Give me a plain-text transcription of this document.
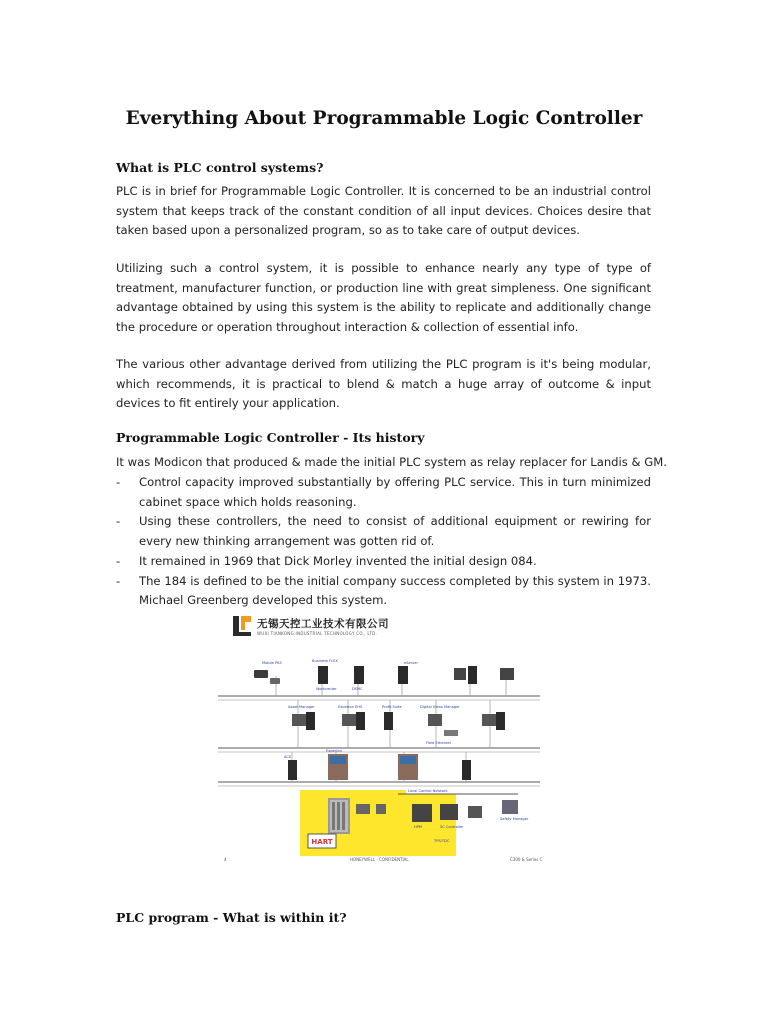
Everything About Programmable Logic Controller
What is PLC control systems?

PLC is in brief for Programmable Logic Controller. It is concerned to be an industrial control system that keeps track of the constant condition of all input devices. Choices desire that taken based upon a personalized program, so as to take care of output devices.

Utilizing such a control system, it is possible to enhance nearly any type of type of treatment, manufacturer function, or production line with great simpleness. One significant advantage obtained by using this system is the ability to replicate and additionally change the procedure or operation throughout interaction & collection of essential info.

The various other advantage derived from utilizing the PLC program is it's being modular, which recommends, it is practical to blend & match a huge array of outcome & input devices to fit entirely your application.

Programmable Logic Controller - Its history
It was Modicon that produced & made the initial PLC system as relay replacer for Landis & GM.
- Control capacity improved substantially by offering PLC service. This in turn minimized cabinet space which holds reasoning.
- Using these controllers, the need to consist of additional equipment or rewiring for every new thinking arrangement was gotten rid of.
- It remained in 1969 that Dick Morley invented the initial design 084.
- The 184 is defined to be the initial company success completed by this system in 1973. Michael Greenberg developed this system.
无锡天控工业技术有限公司
WUXI TIANKONG INDUSTRIAL TECHNOLOGY CO., LTD.
HART
Mobile PKS	Business FLEX
Workcenter	DSMC
eServer
Asset Manager	Experion EHS	Profit Suite	Digital Video Manager
Field Ethernet
ACE
Experion
Local Control Network
HPM	SC Controller
TPS/TDC
Safety Manager
4	HONEYWELL - CONFIDENTIAL	C300 & Series C
PLC program - What is within it?
